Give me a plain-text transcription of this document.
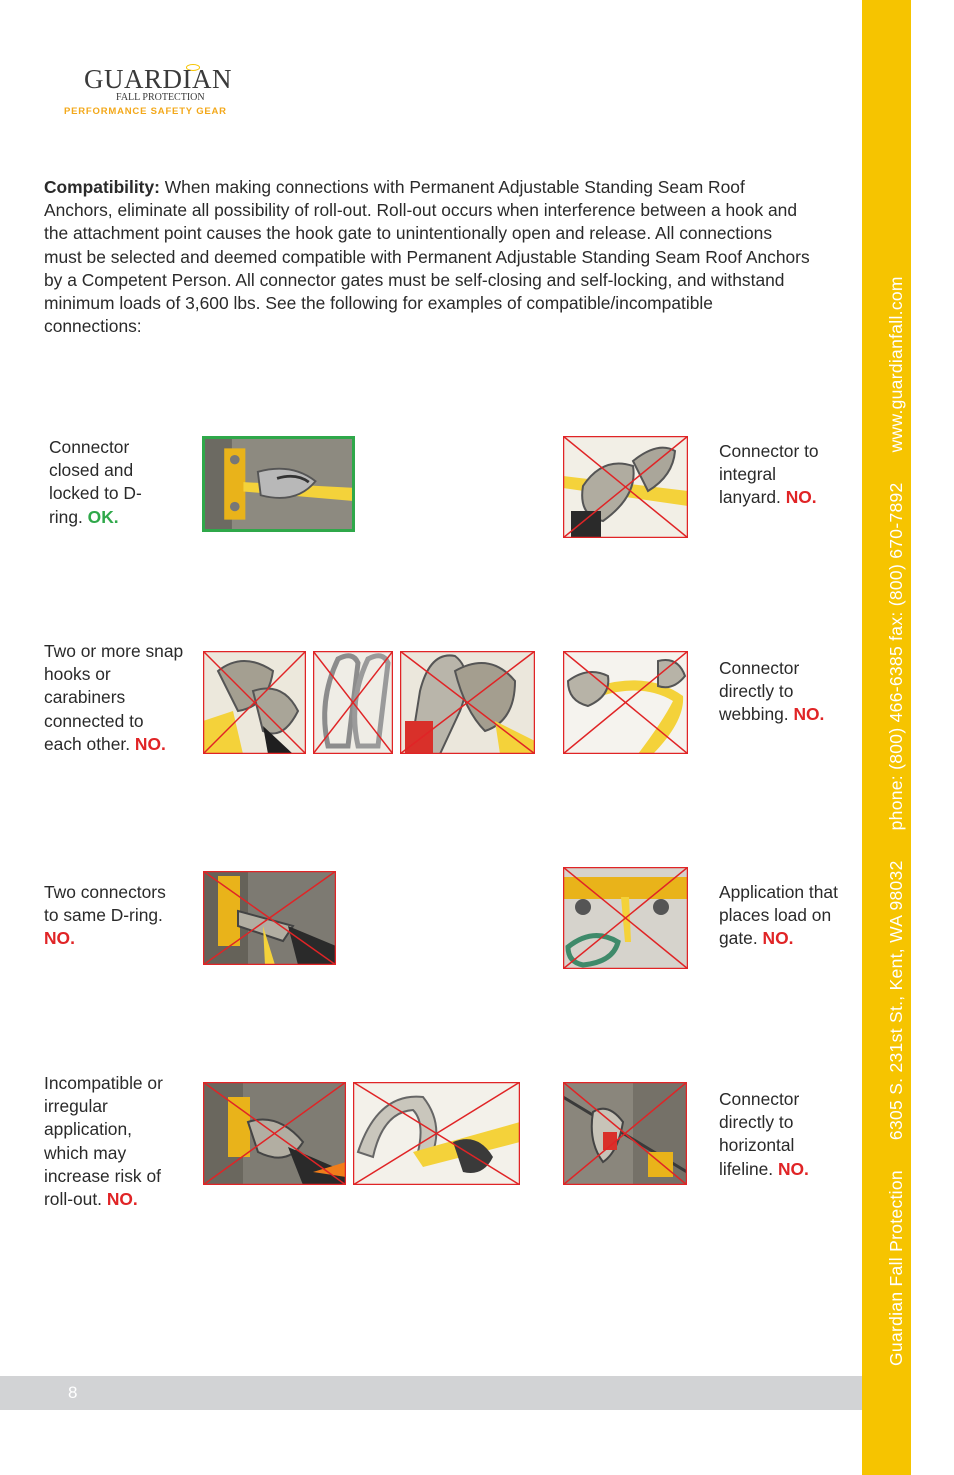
Guardian Fall Protection6305 S. 231st St., Kent, WA 98032phone: (800) 466-6385 fax: (800) 670-7892www.guardianfall.com
GUARDIAN
FALL PROTECTION
PERFORMANCE SAFETY GEAR
Compatibility: When making connections with Permanent Adjustable Standing Seam Roof Anchors, eliminate all possibility of roll-out. Roll-out occurs when interference between a hook and the attachment point causes the hook gate to unintentionally open and release. All connections must be selected and deemed compatible with Permanent Adjustable Standing Seam Roof Anchors by a Competent Person. All connector gates must be self-closing and self-locking, and withstand minimum loads of 3,600 lbs. See the following for examples of compatible/incompatible connections:
Connector closed and locked to D-ring. OK.
Connector to integral lanyard. NO.
Two or more snap hooks or carabiners connected to each other. NO.
Connector directly to webbing. NO.
Two connectors to same D-ring. NO.
Application that places load on gate. NO.
Incompatible or irregular application, which may increase risk of roll-out. NO.
Connector directly to horizontal lifeline. NO.
8
